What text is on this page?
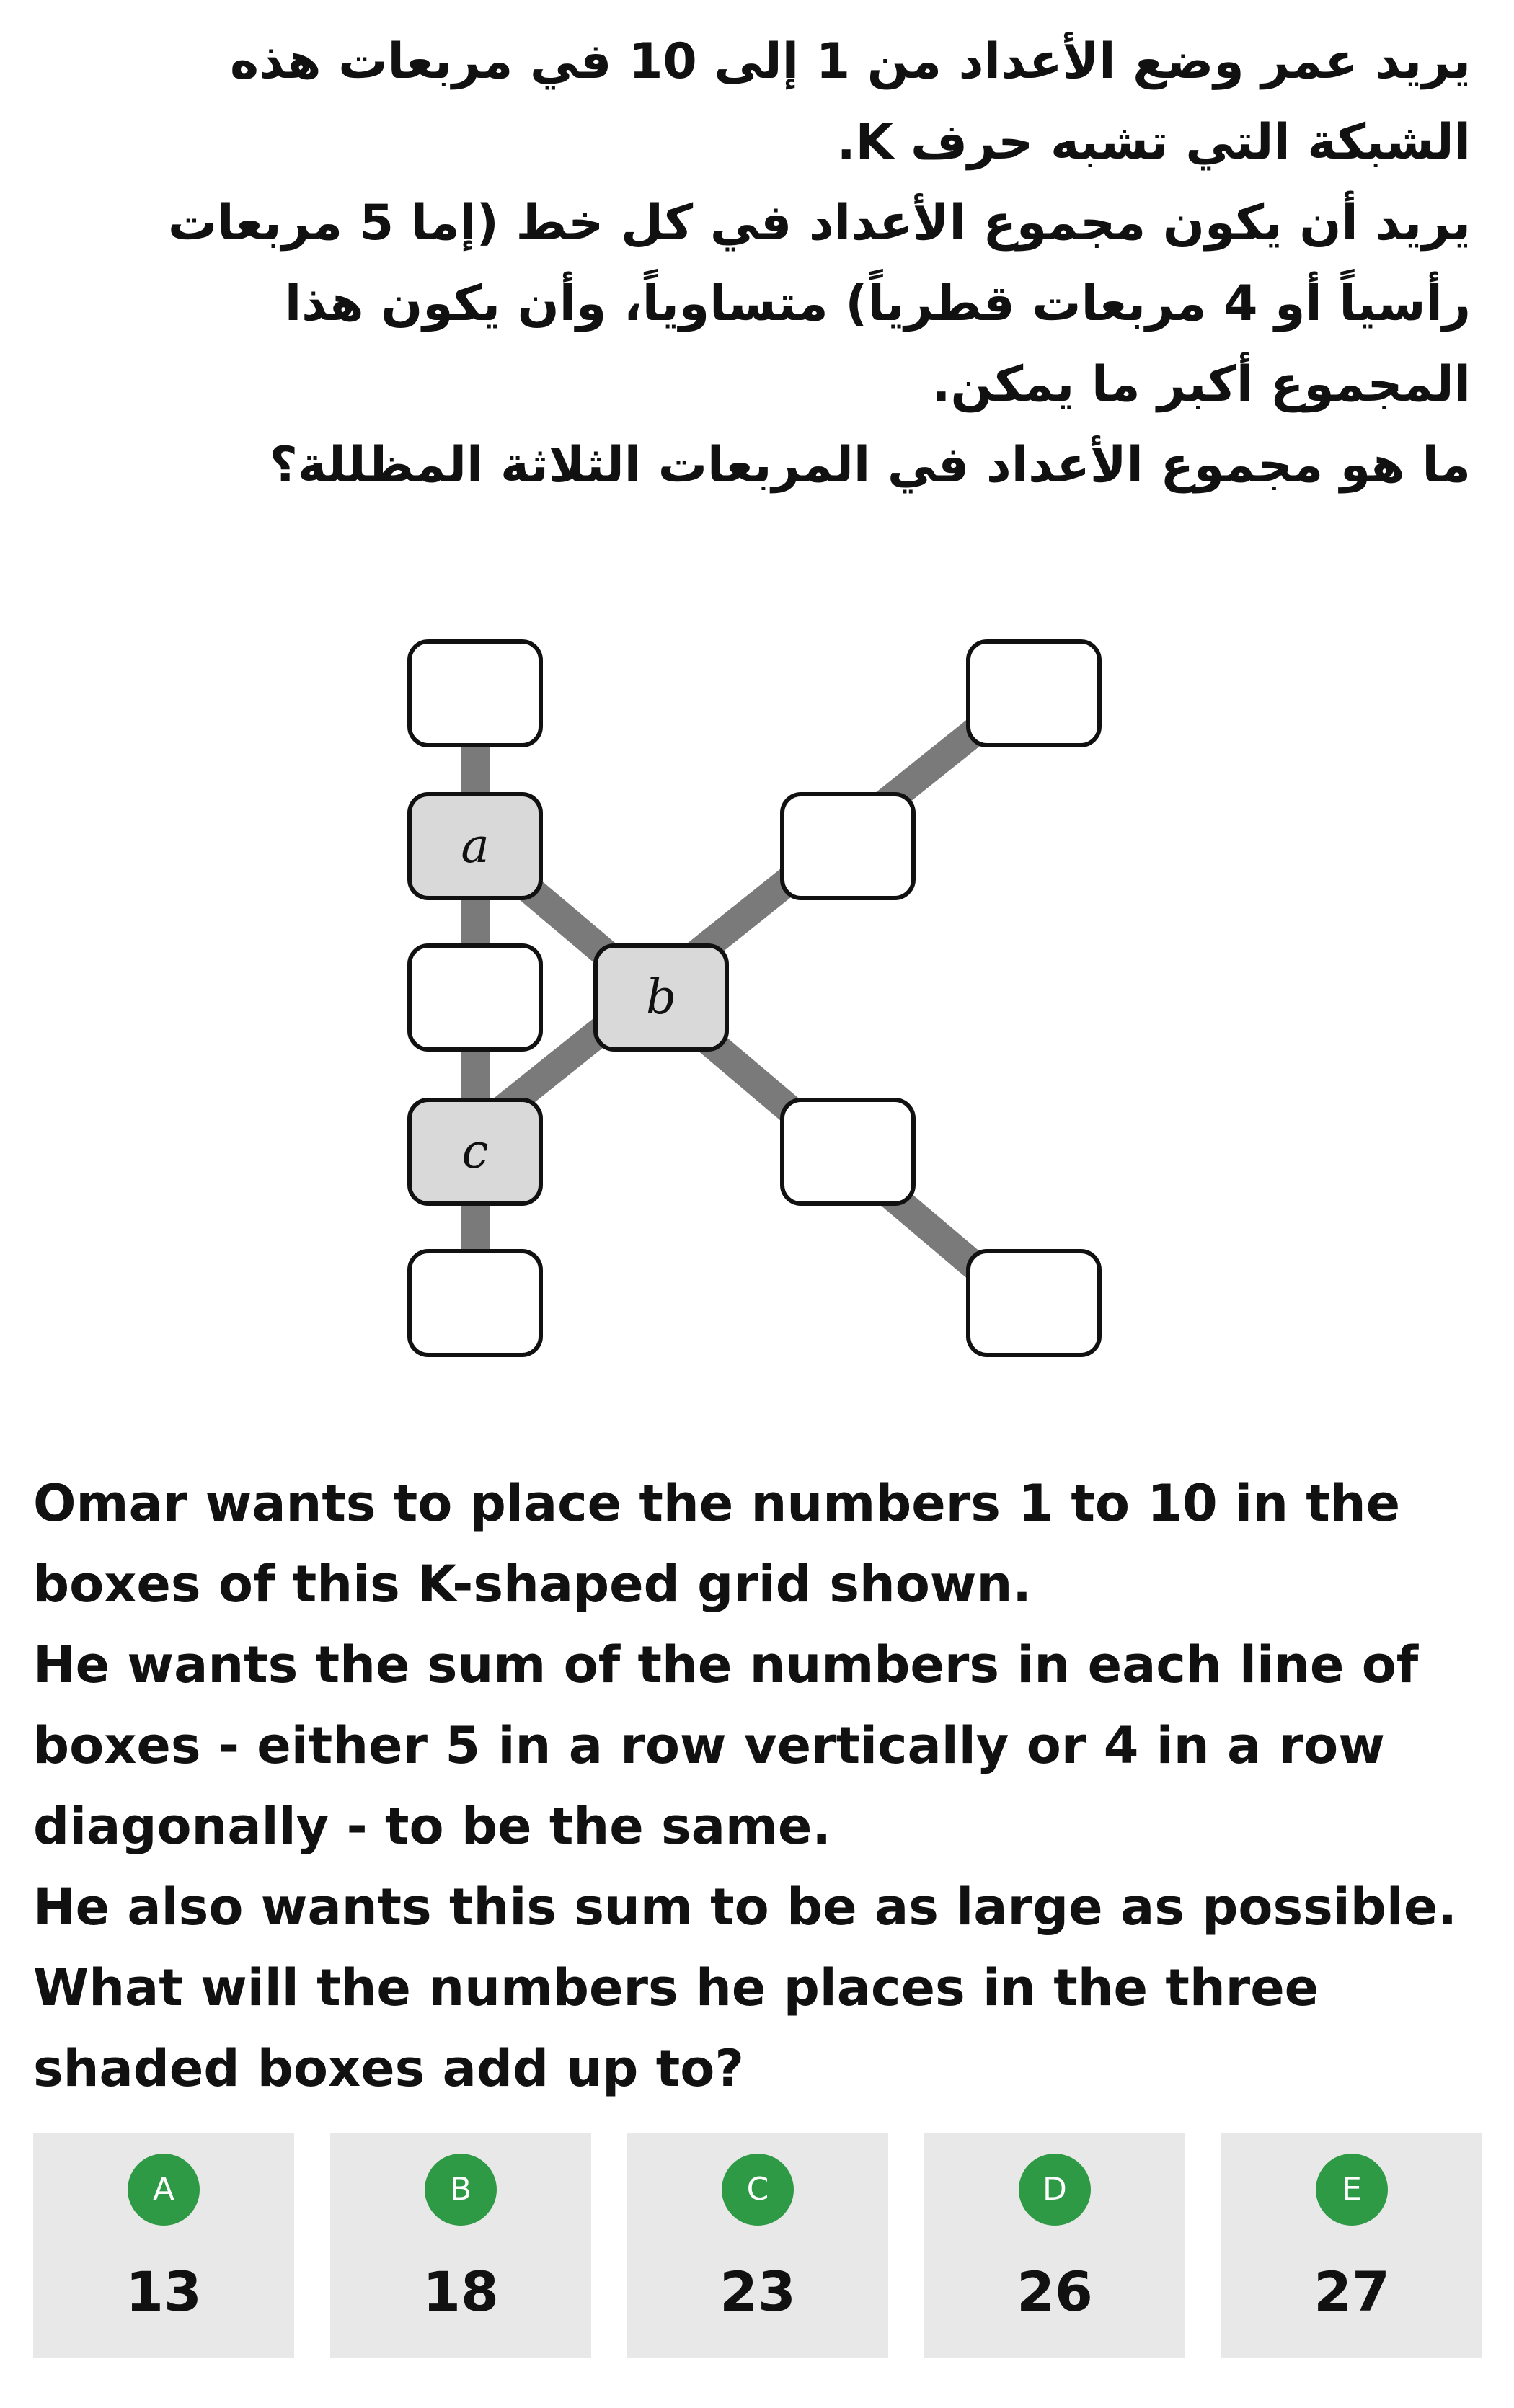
يريد عمر وضع الأعداد من 1 إلى 10 في مربعات هذه

الشبكة التي تشبه حرف K.

يريد أن يكون مجموع الأعداد في كل خط (إما 5 مربعات

رأسياً أو 4 مربعات قطرياً) متساوياً، وأن يكون هذا

المجموع أكبر ما يمكن.

ما هو مجموع الأعداد في المربعات الثلاثة المظللة؟

a
b
c

Omar wants to place the numbers 1 to 10 in the

boxes of this K-shaped grid shown.

He wants the sum of the numbers in each line of

boxes - either 5 in a row vertically or 4 in a row

diagonally - to be the same.

He also wants this sum to be as large as possible.

What will the numbers he places in the three

shaded boxes add up to?

A
13
B
18
C
23
D
26
E
27
